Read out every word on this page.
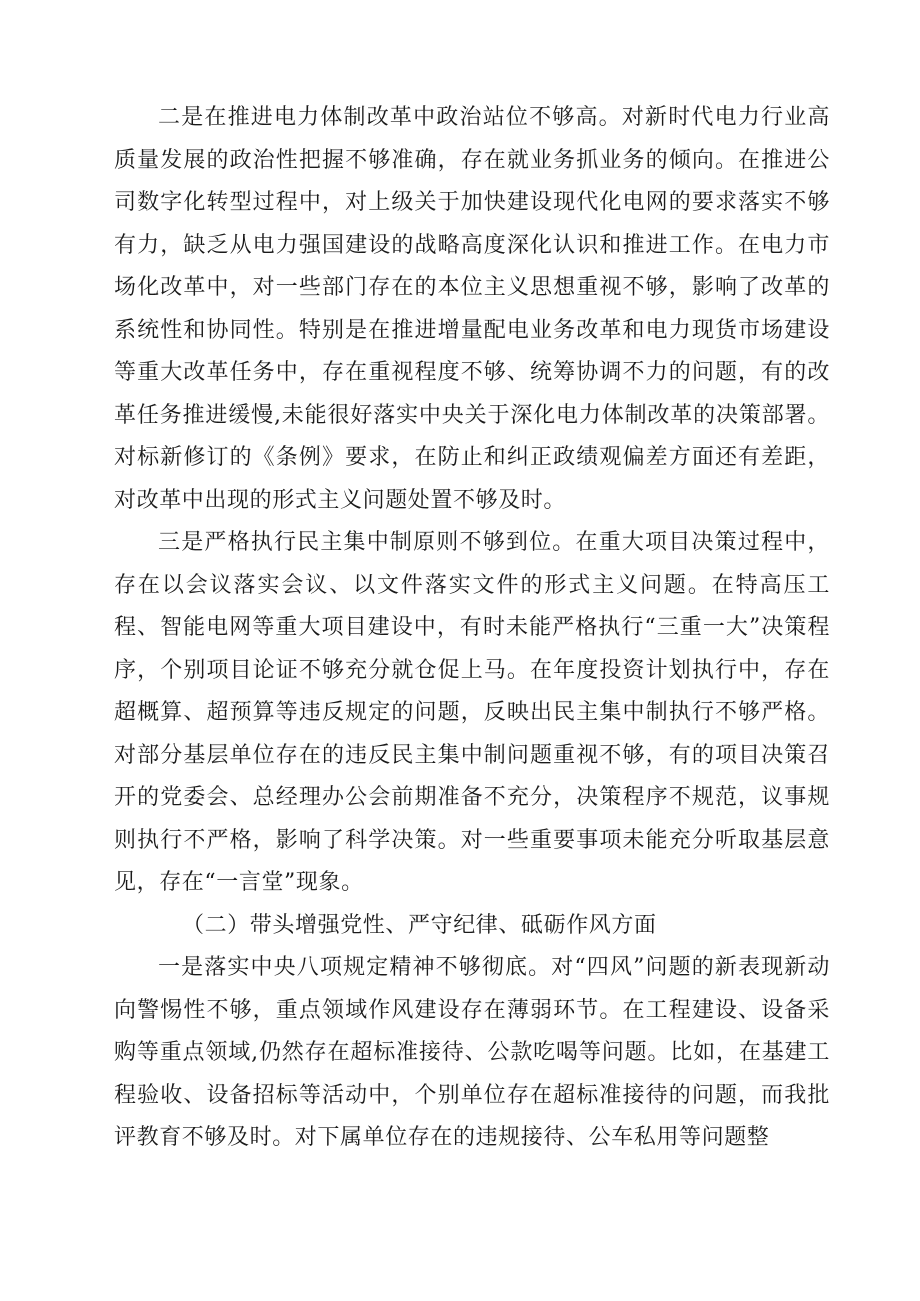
二是在推进电力体制改革中政治站位不够高。对新时代电力行业高质量发展的政治性把握不够准确，存在就业务抓业务的倾向。在推进公司数字化转型过程中，对上级关于加快建设现代化电网的要求落实不够有力，缺乏从电力强国建设的战略高度深化认识和推进工作。在电力市场化改革中，对一些部门存在的本位主义思想重视不够，影响了改革的系统性和协同性。特别是在推进增量配电业务改革和电力现货市场建设等重大改革任务中，存在重视程度不够、统筹协调不力的问题，有的改革任务推进缓慢,未能很好落实中央关于深化电力体制改革的决策部署。对标新修订的《条例》要求，在防止和纠正政绩观偏差方面还有差距，对改革中出现的形式主义问题处置不够及时。

三是严格执行民主集中制原则不够到位。在重大项目决策过程中，存在以会议落实会议、以文件落实文件的形式主义问题。在特高压工程、智能电网等重大项目建设中，有时未能严格执行“三重一大”决策程序，个别项目论证不够充分就仓促上马。在年度投资计划执行中，存在超概算、超预算等违反规定的问题，反映出民主集中制执行不够严格。对部分基层单位存在的违反民主集中制问题重视不够，有的项目决策召开的党委会、总经理办公会前期准备不充分，决策程序不规范，议事规则执行不严格，影响了科学决策。对一些重要事项未能充分听取基层意见，存在“一言堂”现象。

（二）带头增强党性、严守纪律、砥砺作风方面

一是落实中央八项规定精神不够彻底。对“四风”问题的新表现新动向警惕性不够，重点领域作风建设存在薄弱环节。在工程建设、设备采购等重点领域,仍然存在超标准接待、公款吃喝等问题。比如，在基建工程验收、设备招标等活动中，个别单位存在超标准接待的问题，而我批评教育不够及时。对下属单位存在的违规接待、公车私用等问题整
